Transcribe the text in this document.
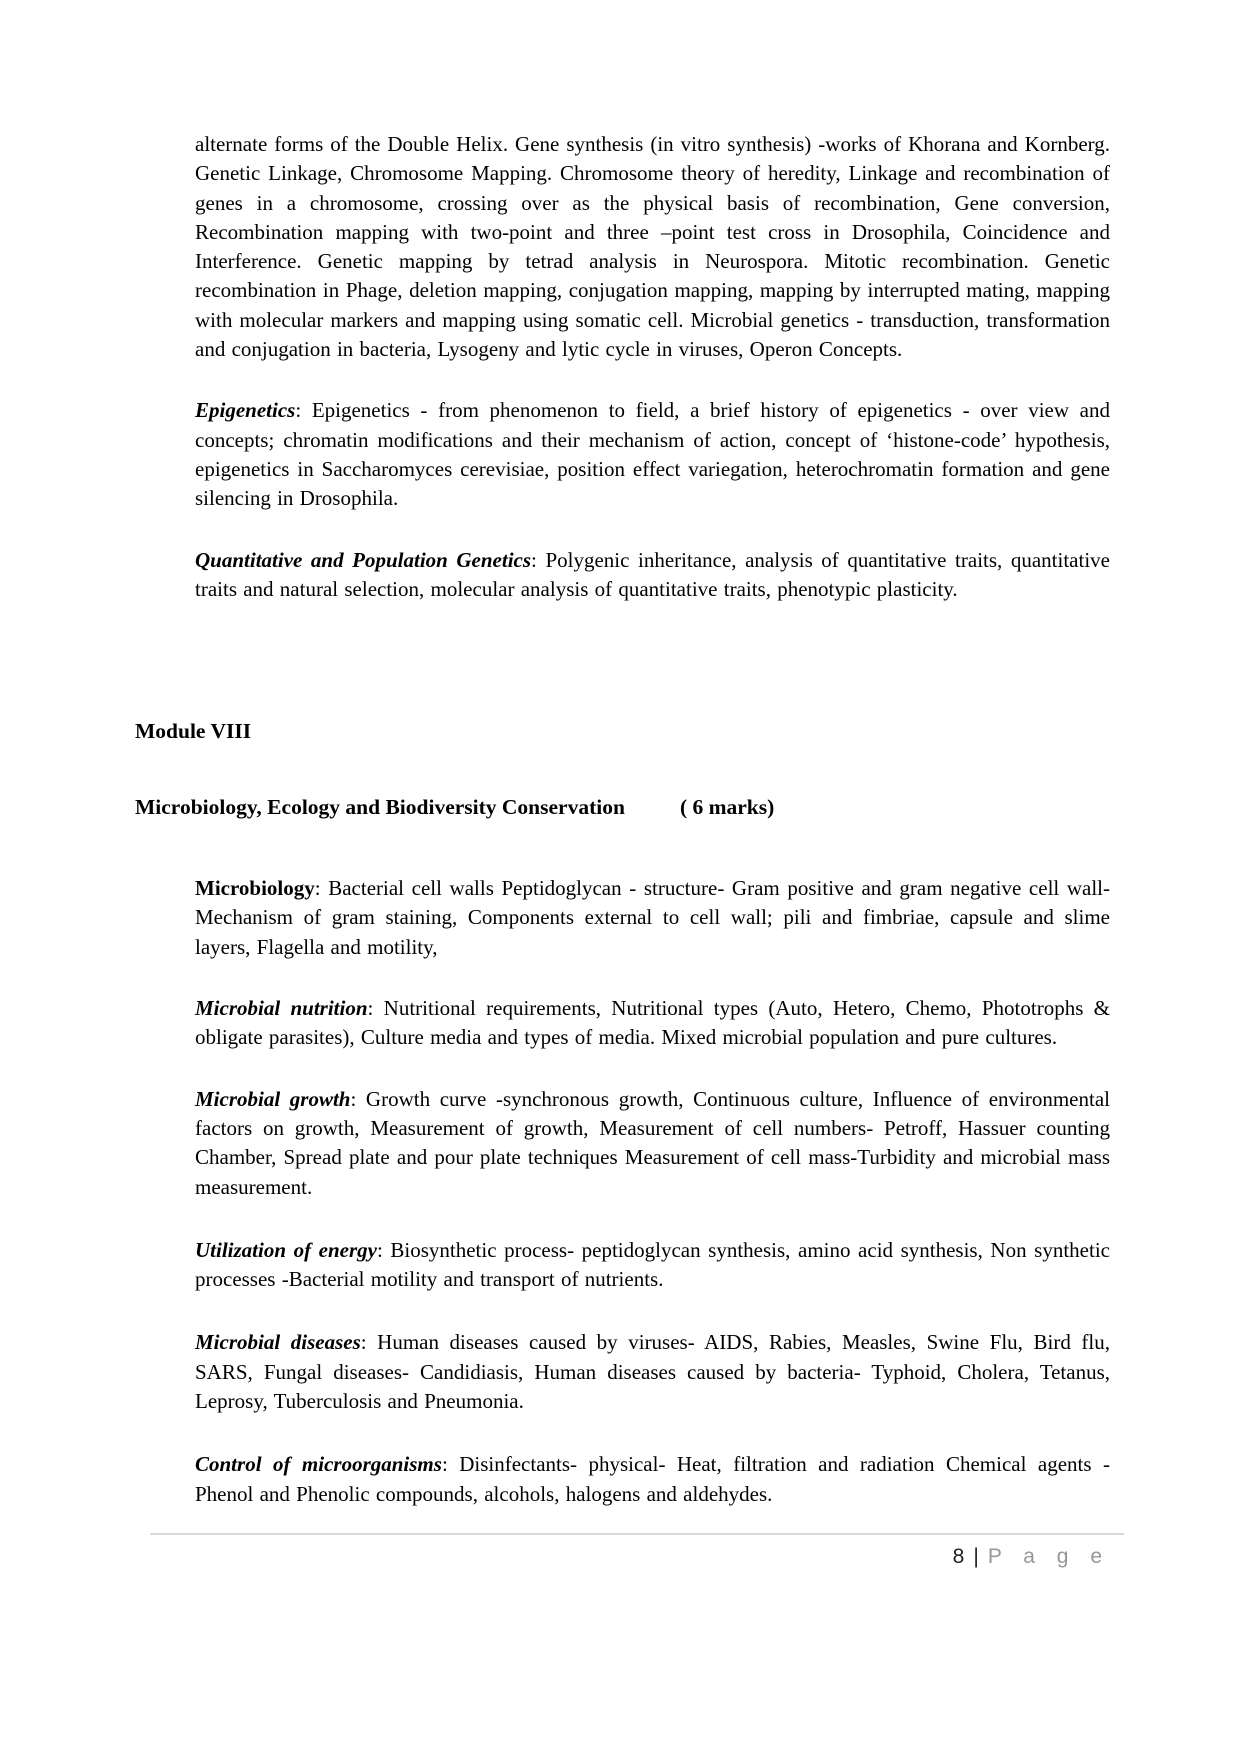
alternate forms of the Double Helix. Gene synthesis (in vitro synthesis) -works of Khorana and Kornberg. Genetic Linkage, Chromosome Mapping. Chromosome theory of heredity, Linkage and recombination of genes in a chromosome, crossing over as the physical basis of recombination, Gene conversion, Recombination mapping with two-point and three –point test cross in Drosophila, Coincidence and Interference. Genetic mapping by tetrad analysis in Neurospora. Mitotic recombination. Genetic recombination in Phage, deletion mapping, conjugation mapping, mapping by interrupted mating, mapping with molecular markers and mapping using somatic cell. Microbial genetics - transduction, transformation and conjugation in bacteria, Lysogeny and lytic cycle in viruses, Operon Concepts.

Epigenetics: Epigenetics - from phenomenon to field, a brief history of epigenetics - over view and concepts; chromatin modifications and their mechanism of action, concept of ‘histone-code’ hypothesis, epigenetics in Saccharomyces cerevisiae, position effect variegation, heterochromatin formation and gene silencing in Drosophila.

Quantitative and Population Genetics: Polygenic inheritance, analysis of quantitative traits, quantitative traits and natural selection, molecular analysis of quantitative traits, phenotypic plasticity.

Module VIII
Microbiology, Ecology and Biodiversity Conservation	( 6 marks)

Microbiology: Bacterial cell walls Peptidoglycan - structure- Gram positive and gram negative cell wall- Mechanism of gram staining, Components external to cell wall; pili and fimbriae, capsule and slime layers, Flagella and motility,

Microbial nutrition: Nutritional requirements, Nutritional types (Auto, Hetero, Chemo, Phototrophs & obligate parasites), Culture media and types of media. Mixed microbial population and pure cultures.

Microbial growth: Growth curve -synchronous growth, Continuous culture, Influence of environmental factors on growth, Measurement of growth, Measurement of cell numbers- Petroff, Hassuer counting Chamber, Spread plate and pour plate techniques Measurement of cell mass-Turbidity and microbial mass measurement.

Utilization of energy: Biosynthetic process- peptidoglycan synthesis, amino acid synthesis, Non synthetic processes -Bacterial motility and transport of nutrients.

Microbial diseases: Human diseases caused by viruses- AIDS, Rabies, Measles, Swine Flu, Bird flu, SARS, Fungal diseases- Candidiasis, Human diseases caused by bacteria- Typhoid, Cholera, Tetanus, Leprosy, Tuberculosis and Pneumonia.

Control of microorganisms: Disinfectants- physical- Heat, filtration and radiation Chemical agents - Phenol and Phenolic compounds, alcohols, halogens and aldehydes.

8 | P a g e
